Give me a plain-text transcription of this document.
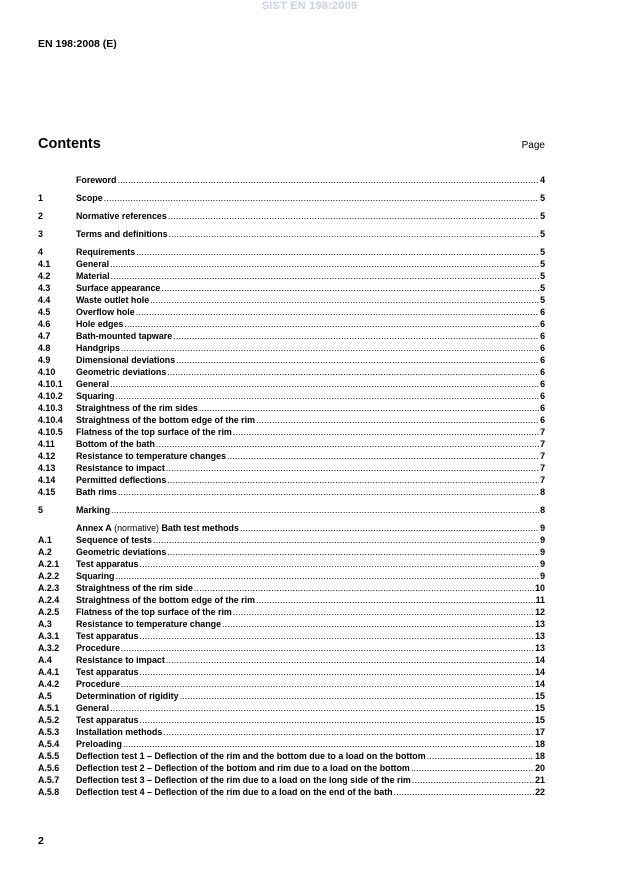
SIST EN 198:2009
EN 198:2008 (E)
Contents	Page
Foreword .....	4
1	Scope .....	5
2	Normative references .....	5
3	Terms and definitions .....	5
4	Requirements .....	5
4.1	General .....	5
4.2	Material .....	5
4.3	Surface appearance .....	5
4.4	Waste outlet hole .....	5
4.5	Overflow hole .....	6
4.6	Hole edges .....	6
4.7	Bath-mounted tapware .....	6
4.8	Handgrips .....	6
4.9	Dimensional deviations .....	6
4.10	Geometric deviations .....	6
4.10.1	General .....	6
4.10.2	Squaring .....	6
4.10.3	Straightness of the rim sides .....	6
4.10.4	Straightness of the bottom edge of the rim .....	6
4.10.5	Flatness of the top surface of the rim .....	7
4.11	Bottom of the bath .....	7
4.12	Resistance to temperature changes .....	7
4.13	Resistance to impact .....	7
4.14	Permitted deflections .....	7
4.15	Bath rims .....	8
5	Marking .....	8
Annex A (normative) Bath test methods .....	9
A.1	Sequence of tests .....	9
A.2	Geometric deviations .....	9
A.2.1	Test apparatus .....	9
A.2.2	Squaring .....	9
A.2.3	Straightness of the rim side .....	10
A.2.4	Straightness of the bottom edge of the rim .....	11
A.2.5	Flatness of the top surface of the rim .....	12
A.3	Resistance to temperature change .....	13
A.3.1	Test apparatus .....	13
A.3.2	Procedure .....	13
A.4	Resistance to impact .....	14
A.4.1	Test apparatus .....	14
A.4.2	Procedure .....	14
A.5	Determination of rigidity .....	15
A.5.1	General .....	15
A.5.2	Test apparatus .....	15
A.5.3	Installation methods .....	17
A.5.4	Preloading .....	18
A.5.5	Deflection test 1 – Deflection of the rim and the bottom due to a load on the bottom .....	18
A.5.6	Deflection test 2 – Deflection of the bottom and rim due to a load on the bottom .....	20
A.5.7	Deflection test 3 – Deflection of the rim due to a load on the long side of the rim .....	21
A.5.8	Deflection test 4 – Deflection of the rim due to a load on the end of the bath .....	22
2
